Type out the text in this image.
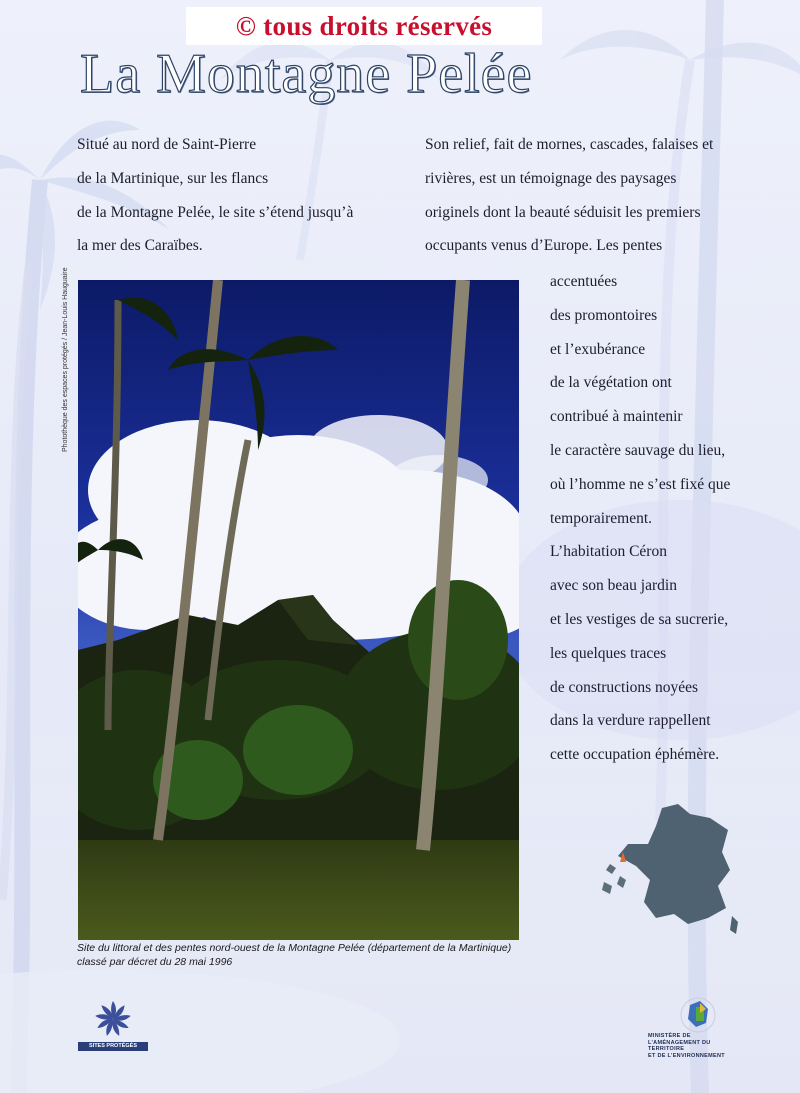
© tous droits réservés
La Montagne Pelée
Situé au nord de Saint-Pierre
de la Martinique, sur les flancs
de la Montagne Pelée, le site s’étend jusqu’à
la mer des Caraïbes.
Son relief, fait de mornes, cascades, falaises et
rivières, est un témoignage des paysages
originels dont la beauté séduisit les premiers
occupants venus d’Europe. Les pentes
accentuées
des promontoires
et l’exubérance
de la végétation ont
contribué à maintenir
le caractère sauvage du lieu,
où l’homme ne s’est fixé que
temporairement.
L’habitation Céron
avec son beau jardin
et les vestiges de sa sucrerie,
les quelques traces
de constructions noyées
dans la verdure rappellent
cette occupation éphémère.
Photothèque des espaces protégés / Jean-Louis Hauguaire
Site du littoral et des pentes nord-ouest de la Montagne Pelée (département de la Martinique) classé par décret du 28 mai 1996
SITES PROTÉGÉS
MINISTÈRE DE
L’AMÉNAGEMENT DU TERRITOIRE
ET DE L’ENVIRONNEMENT
